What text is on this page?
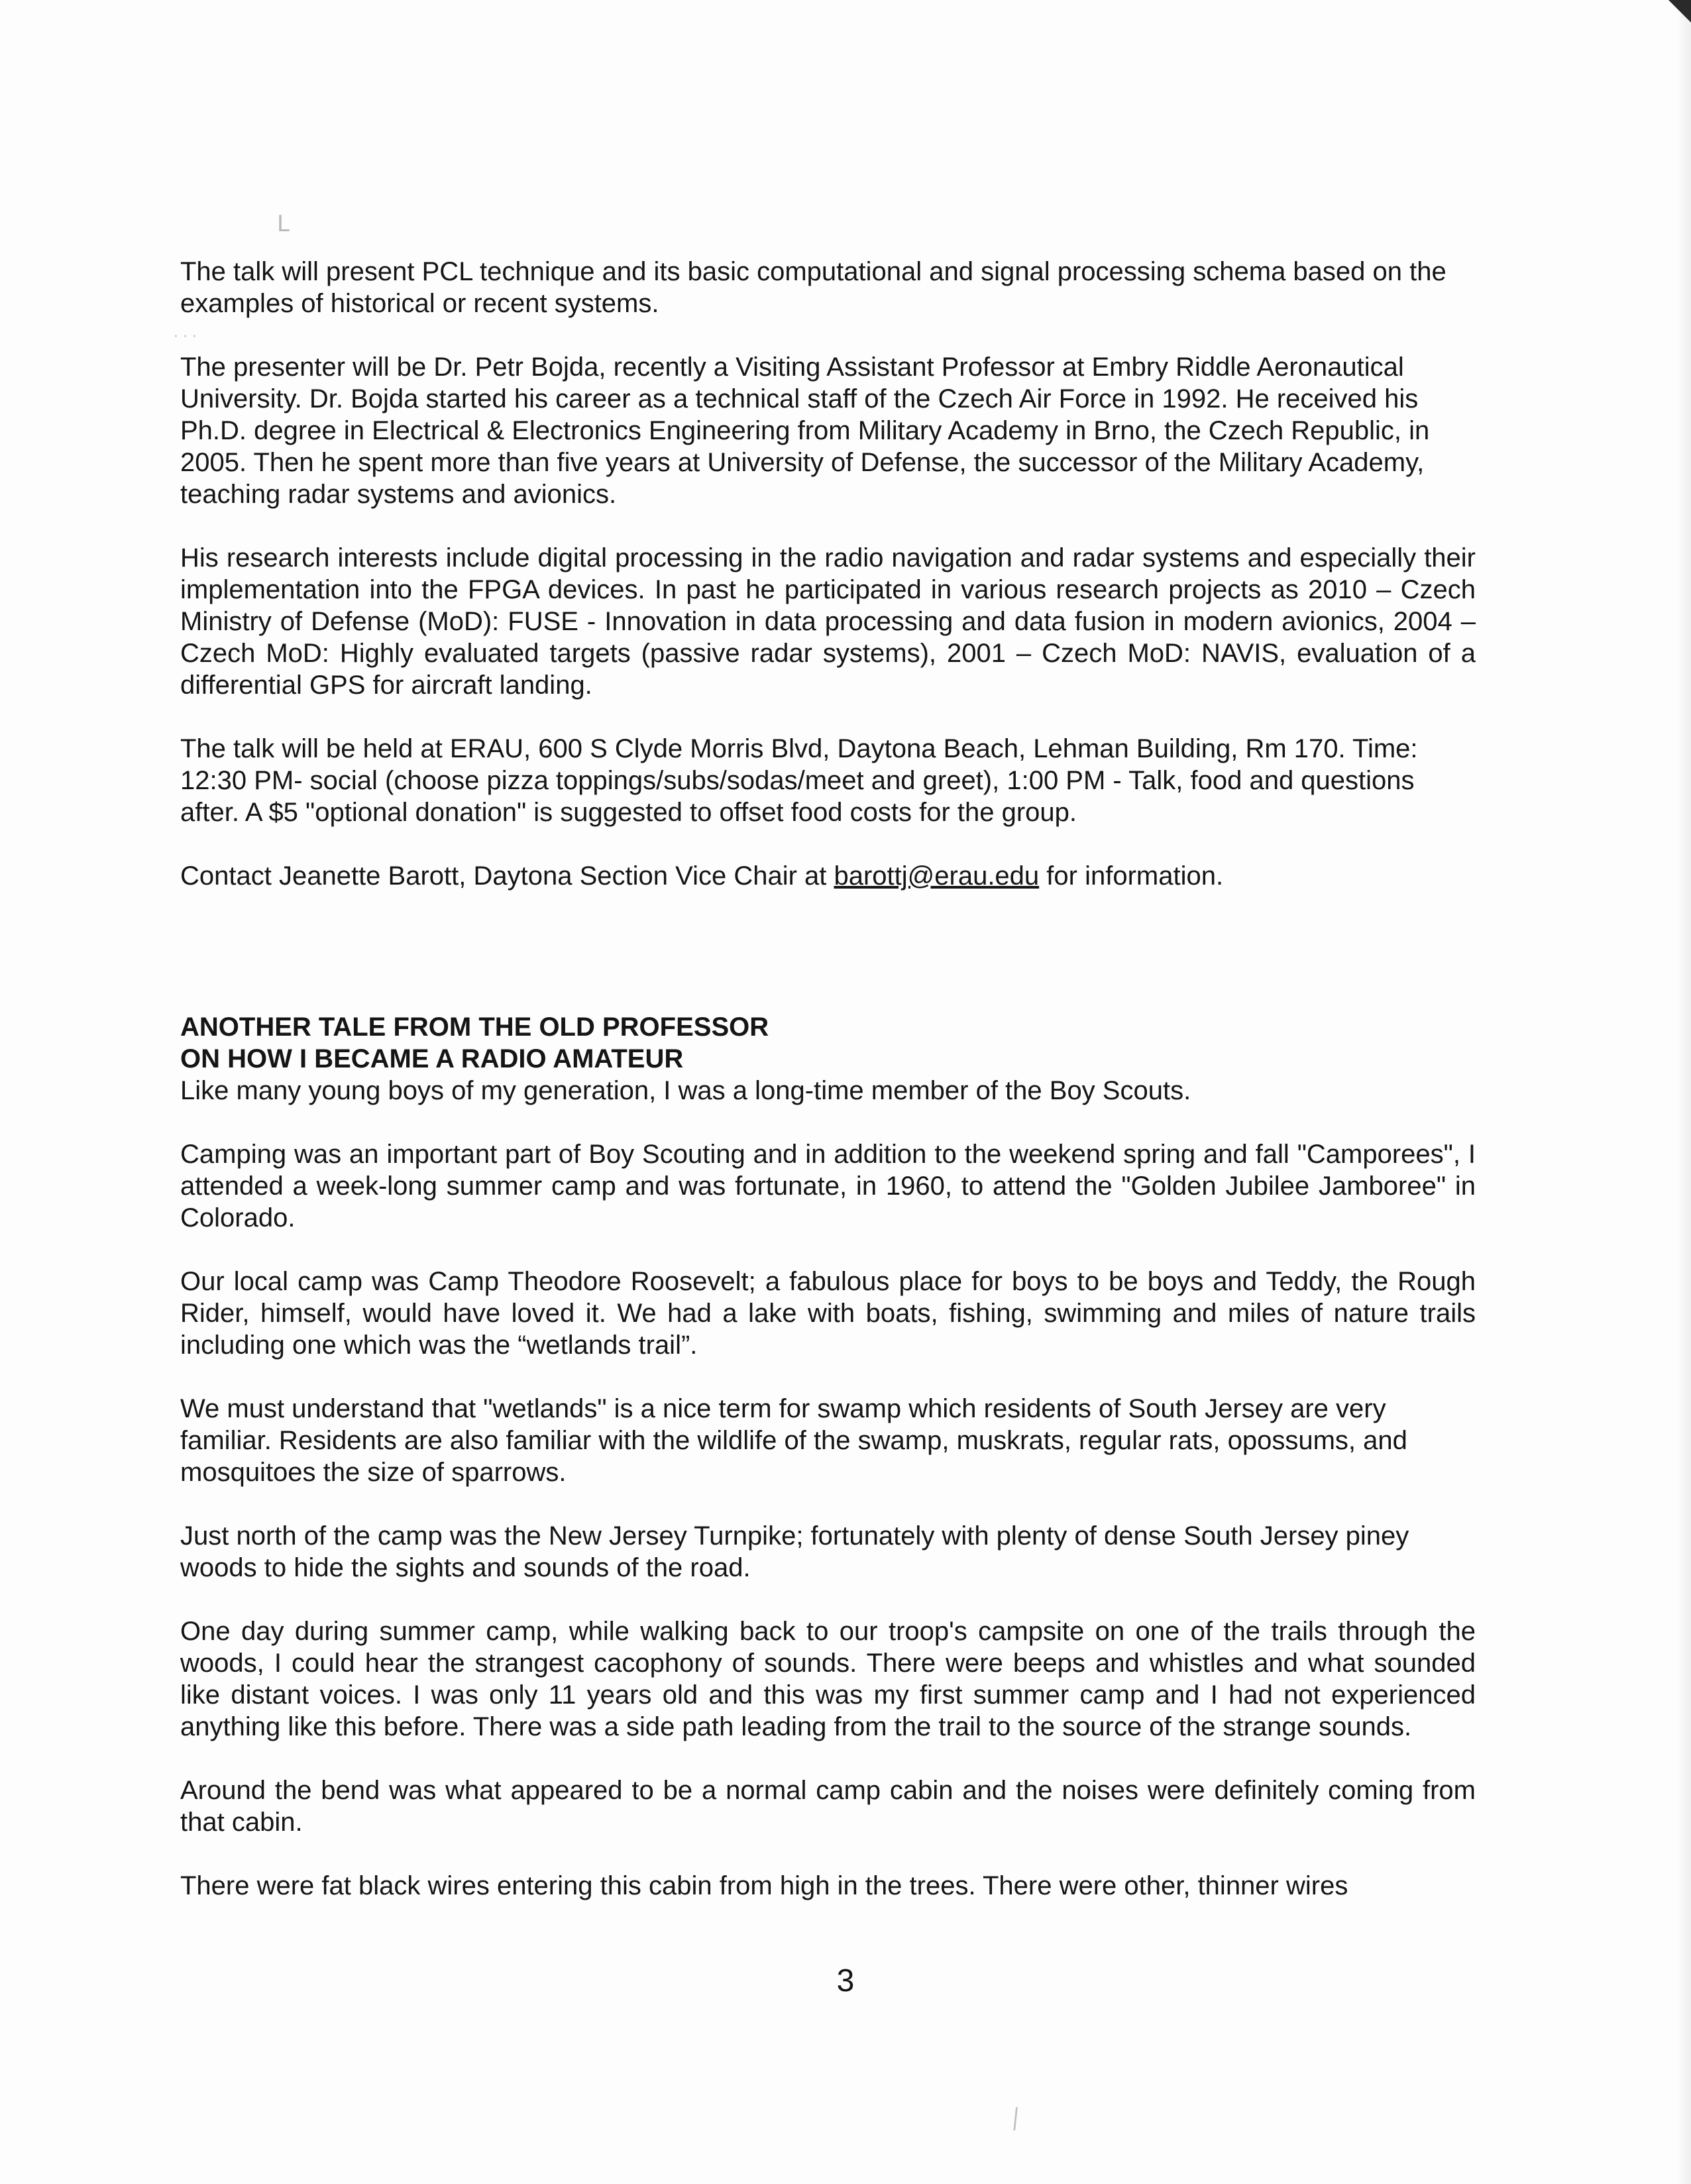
L
· · ·

The talk will present PCL technique and its basic computational and signal processing schema based on the examples of historical or recent systems.

The presenter will be Dr. Petr Bojda, recently a Visiting Assistant Professor at Embry Riddle Aeronautical University. Dr. Bojda started his career as a technical staff of the Czech Air Force in 1992. He received his Ph.D. degree in Electrical & Electronics Engineering from Military Academy in Brno, the Czech Republic, in 2005. Then he spent more than five years at University of Defense, the successor of the Military Academy, teaching radar systems and avionics.

His research interests include digital processing in the radio navigation and radar systems and especially their implementation into the FPGA devices. In past he participated in various research projects as 2010 – Czech Ministry of Defense (MoD): FUSE - Innovation in data processing and data fusion in modern avionics, 2004 – Czech MoD: Highly evaluated targets (passive radar systems), 2001 – Czech MoD: NAVIS, evaluation of a differential GPS for aircraft landing.

The talk will be held at ERAU, 600 S Clyde Morris Blvd, Daytona Beach, Lehman Building, Rm 170. Time: 12:30 PM- social (choose pizza toppings/subs/sodas/meet and greet), 1:00 PM - Talk, food and questions after. A $5 "optional donation" is suggested to offset food costs for the group.

Contact Jeanette Barott, Daytona Section Vice Chair at barottj@erau.edu for information.

ANOTHER TALE FROM THE OLD PROFESSOR

ON HOW I BECAME A RADIO AMATEUR

Like many young boys of my generation, I was a long-time member of the Boy Scouts.

Camping was an important part of Boy Scouting and in addition to the weekend spring and fall "Camporees", I attended a week-long summer camp and was fortunate, in 1960, to attend the "Golden Jubilee Jamboree" in Colorado.

Our local camp was Camp Theodore Roosevelt; a fabulous place for boys to be boys and Teddy, the Rough Rider, himself, would have loved it. We had a lake with boats, fishing, swimming and miles of nature trails including one which was the “wetlands trail”.

We must understand that "wetlands" is a nice term for swamp which residents of South Jersey are very familiar. Residents are also familiar with the wildlife of the swamp, muskrats, regular rats, opossums, and mosquitoes the size of sparrows.

Just north of the camp was the New Jersey Turnpike; fortunately with plenty of dense South Jersey piney woods to hide the sights and sounds of the road.

One day during summer camp, while walking back to our troop's campsite on one of the trails through the woods, I could hear the strangest cacophony of sounds. There were beeps and whistles and what sounded like distant voices. I was only 11 years old and this was my first summer camp and I had not experienced anything like this before. There was a side path leading from the trail to the source of the strange sounds.

Around the bend was what appeared to be a normal camp cabin and the noises were definitely coming from that cabin.

There were fat black wires entering this cabin from high in the trees. There were other, thinner wires

3
⁄
